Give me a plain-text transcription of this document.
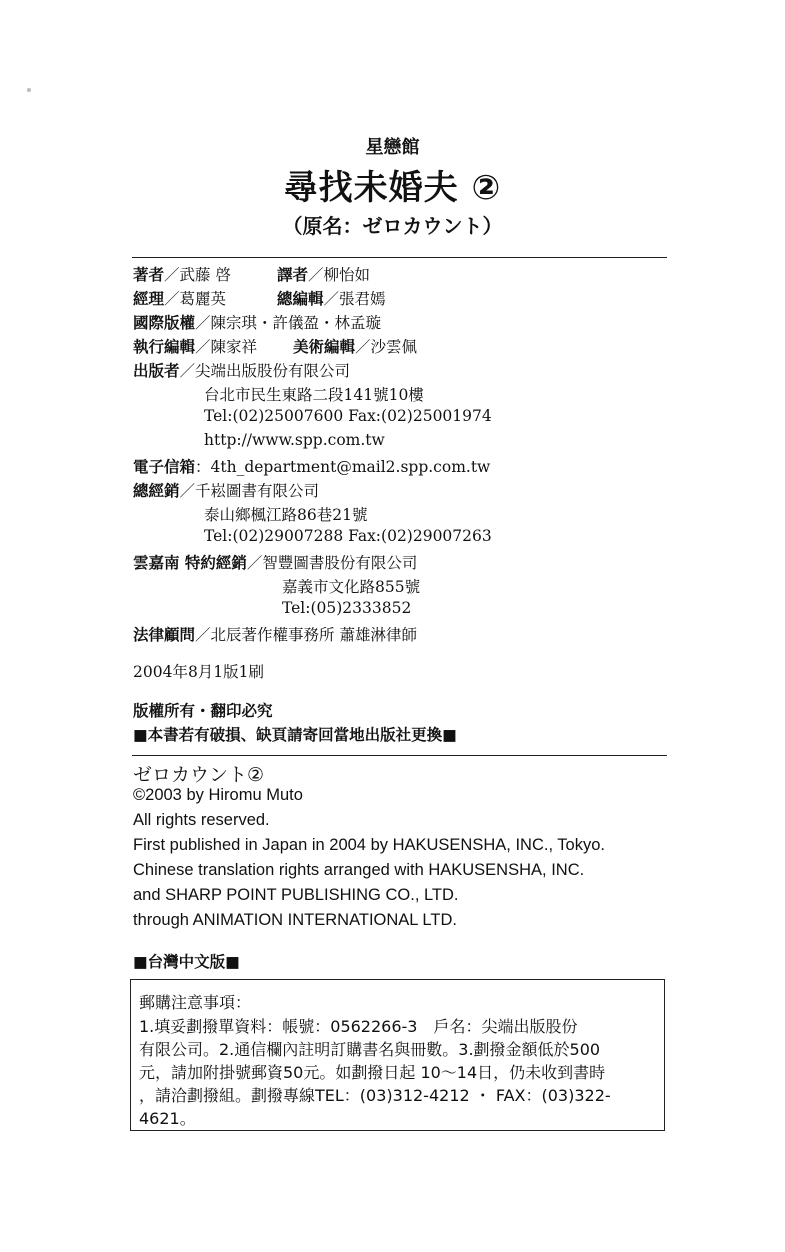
星戀館
尋找未婚夫 ②
（原名：ゼロカウント）
著者／武藤 啓	譯者／柳怡如
經理／葛麗英	總編輯／張君嫣
國際版權／陳宗琪・許儀盈・林孟璇
執行編輯／陳家祥 美術編輯／沙雲佩
出版者／尖端出版股份有限公司
台北市民生東路二段141號10樓
Tel:(02)25007600 Fax:(02)25001974
http://www.spp.com.tw
電子信箱：4th_department@mail2.spp.com.tw
總經銷／千崧圖書有限公司
泰山鄉楓江路86巷21號
Tel:(02)29007288 Fax:(02)29007263
雲嘉南 特約經銷／智豐圖書股份有限公司
嘉義市文化路855號
Tel:(05)2333852
法律顧問／北辰著作權事務所 蕭雄淋律師
2004年8月1版1刷
版權所有・翻印必究
■本書若有破損、缺頁請寄回當地出版社更換■
ゼロカウント②
©2003 by Hiromu Muto
All rights reserved.
First published in Japan in 2004 by HAKUSENSHA, INC., Tokyo.
Chinese translation rights arranged with HAKUSENSHA, INC.
and SHARP POINT PUBLISHING CO., LTD.
through ANIMATION INTERNATIONAL LTD.
■台灣中文版■
郵購注意事項：
1.填妥劃撥單資料：帳號：0562266-3　戶名：尖端出版股份
有限公司。2.通信欄內註明訂購書名與冊數。3.劃撥金額低於500
元，請加附掛號郵資50元。如劃撥日起 10～14日，仍未收到書時
，請洽劃撥組。劃撥專線TEL：(03)312-4212 ・ FAX：(03)322-
4621。
